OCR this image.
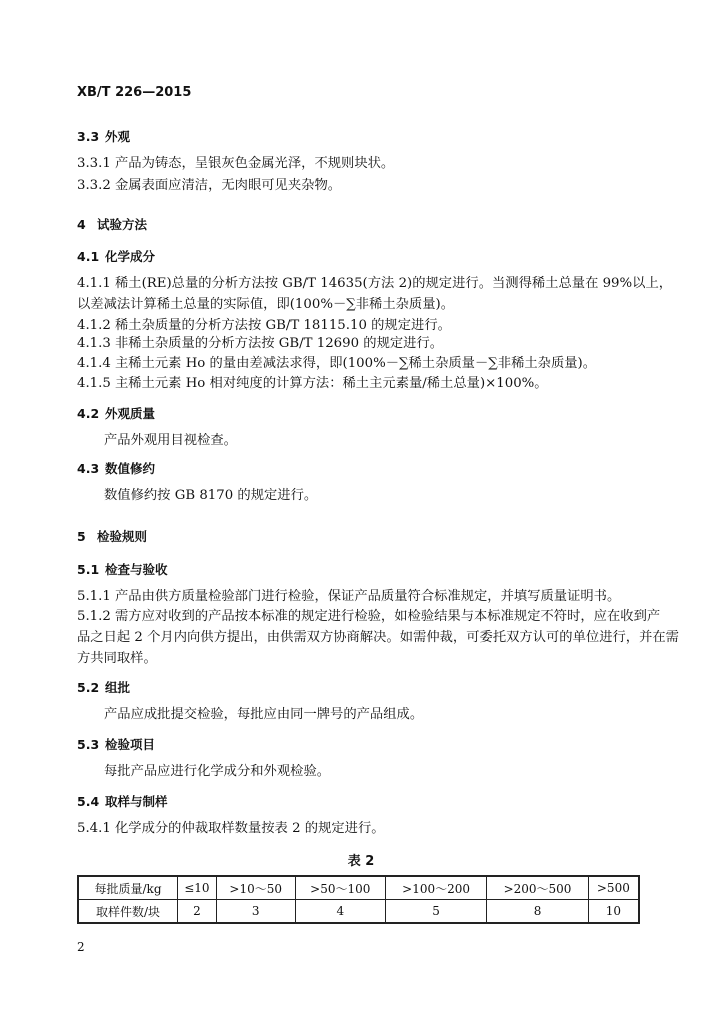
XB/T 226—2015
3.3 外观
3.3.1 产品为铸态，呈银灰色金属光泽，不规则块状。
3.3.2 金属表面应清洁，无肉眼可见夹杂物。
4 试验方法
4.1 化学成分
4.1.1 稀土(RE)总量的分析方法按 GB/T 14635(方法 2)的规定进行。当测得稀土总量在 99%以上，
以差减法计算稀土总量的实际值，即(100%－∑非稀土杂质量)。
4.1.2 稀土杂质量的分析方法按 GB/T 18115.10 的规定进行。
4.1.3 非稀土杂质量的分析方法按 GB/T 12690 的规定进行。
4.1.4 主稀土元素 Ho 的量由差减法求得，即(100%－∑稀土杂质量－∑非稀土杂质量)。
4.1.5 主稀土元素 Ho 相对纯度的计算方法：稀土主元素量/稀土总量)×100%。
4.2 外观质量
产品外观用目视检查。
4.3 数值修约
数值修约按 GB 8170 的规定进行。
5 检验规则
5.1 检查与验收
5.1.1 产品由供方质量检验部门进行检验，保证产品质量符合标准规定，并填写质量证明书。
5.1.2 需方应对收到的产品按本标准的规定进行检验，如检验结果与本标准规定不符时，应在收到产
品之日起 2 个月内向供方提出，由供需双方协商解决。如需仲裁，可委托双方认可的单位进行，并在需
方共同取样。
5.2 组批
产品应成批提交检验，每批应由同一牌号的产品组成。
5.3 检验项目
每批产品应进行化学成分和外观检验。
5.4 取样与制样
5.4.1 化学成分的仲裁取样数量按表 2 的规定进行。
表 2
每批质量/kg	≤10	>10～50	>50～100	>100～200	>200～500	>500
取样件数/块	2	3	4	5	8	10
2
